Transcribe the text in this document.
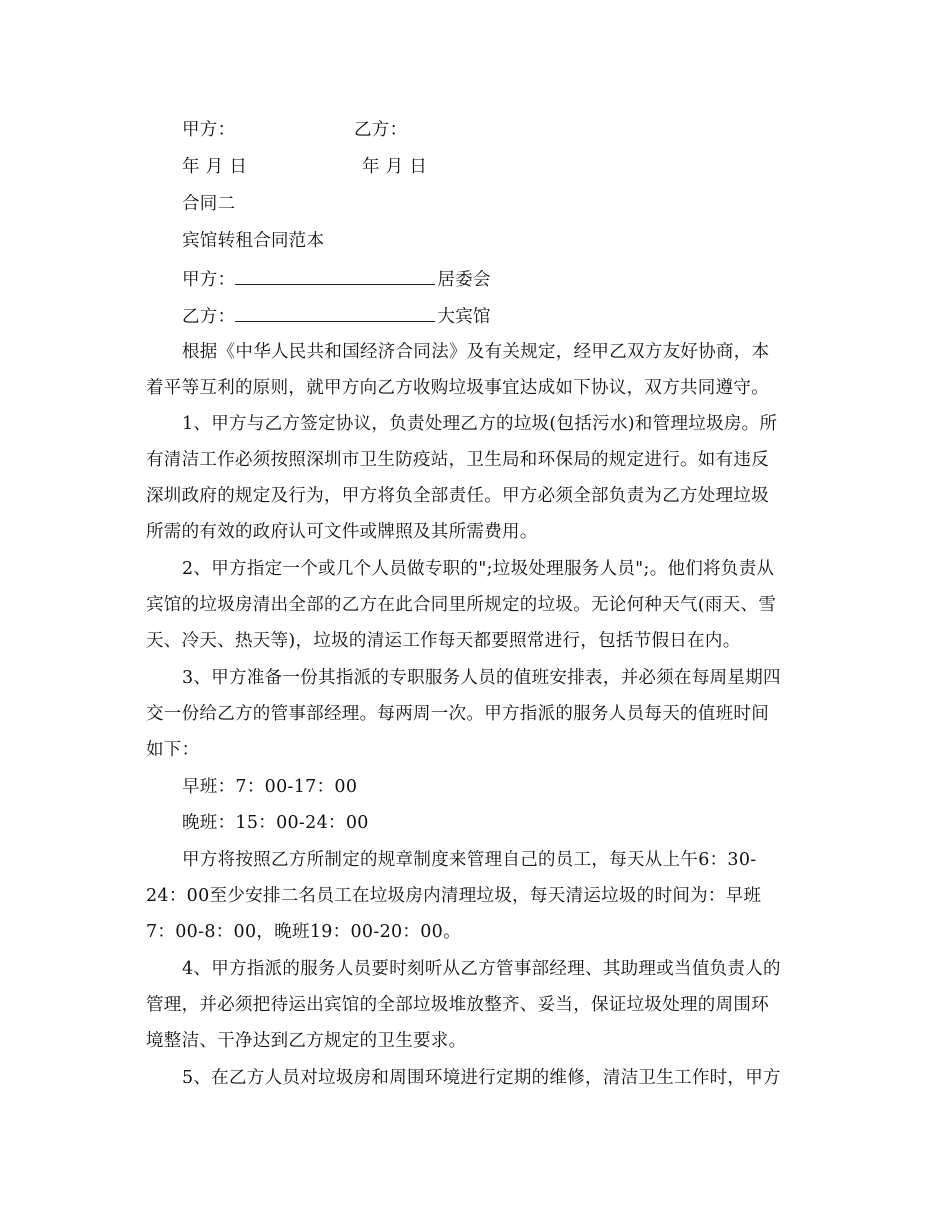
甲方：	乙方：
年 月 日	年 月 日
合同二
宾馆转租合同范本
甲方：	居委会
乙方：	大宾馆
根据《中华人民共和国经济合同法》及有关规定，经甲乙双方友好协商，本
着平等互利的原则，就甲方向乙方收购垃圾事宜达成如下协议，双方共同遵守。
1、甲方与乙方签定协议，负责处理乙方的垃圾(包括污水)和管理垃圾房。所
有清洁工作必须按照深圳市卫生防疫站，卫生局和环保局的规定进行。如有违反
深圳政府的规定及行为，甲方将负全部责任。甲方必须全部负责为乙方处理垃圾
所需的有效的政府认可文件或牌照及其所需费用。
2、甲方指定一个或几个人员做专职的";垃圾处理服务人员";。他们将负责从
宾馆的垃圾房清出全部的乙方在此合同里所规定的垃圾。无论何种天气(雨天、雪
天、冷天、热天等)，垃圾的清运工作每天都要照常进行，包括节假日在内。
3、甲方准备一份其指派的专职服务人员的值班安排表，并必须在每周星期四
交一份给乙方的管事部经理。每两周一次。甲方指派的服务人员每天的值班时间
如下：
早班：7：00-17：00
晚班：15：00-24：00
甲方将按照乙方所制定的规章制度来管理自己的员工，每天从上午6：30-
24：00至少安排二名员工在垃圾房内清理垃圾，每天清运垃圾的时间为：早班
7：00-8：00，晚班19：00-20：00。
4、甲方指派的服务人员要时刻听从乙方管事部经理、其助理或当值负责人的
管理，并必须把待运出宾馆的全部垃圾堆放整齐、妥当，保证垃圾处理的周围环
境整洁、干净达到乙方规定的卫生要求。
5、在乙方人员对垃圾房和周围环境进行定期的维修，清洁卫生工作时，甲方
